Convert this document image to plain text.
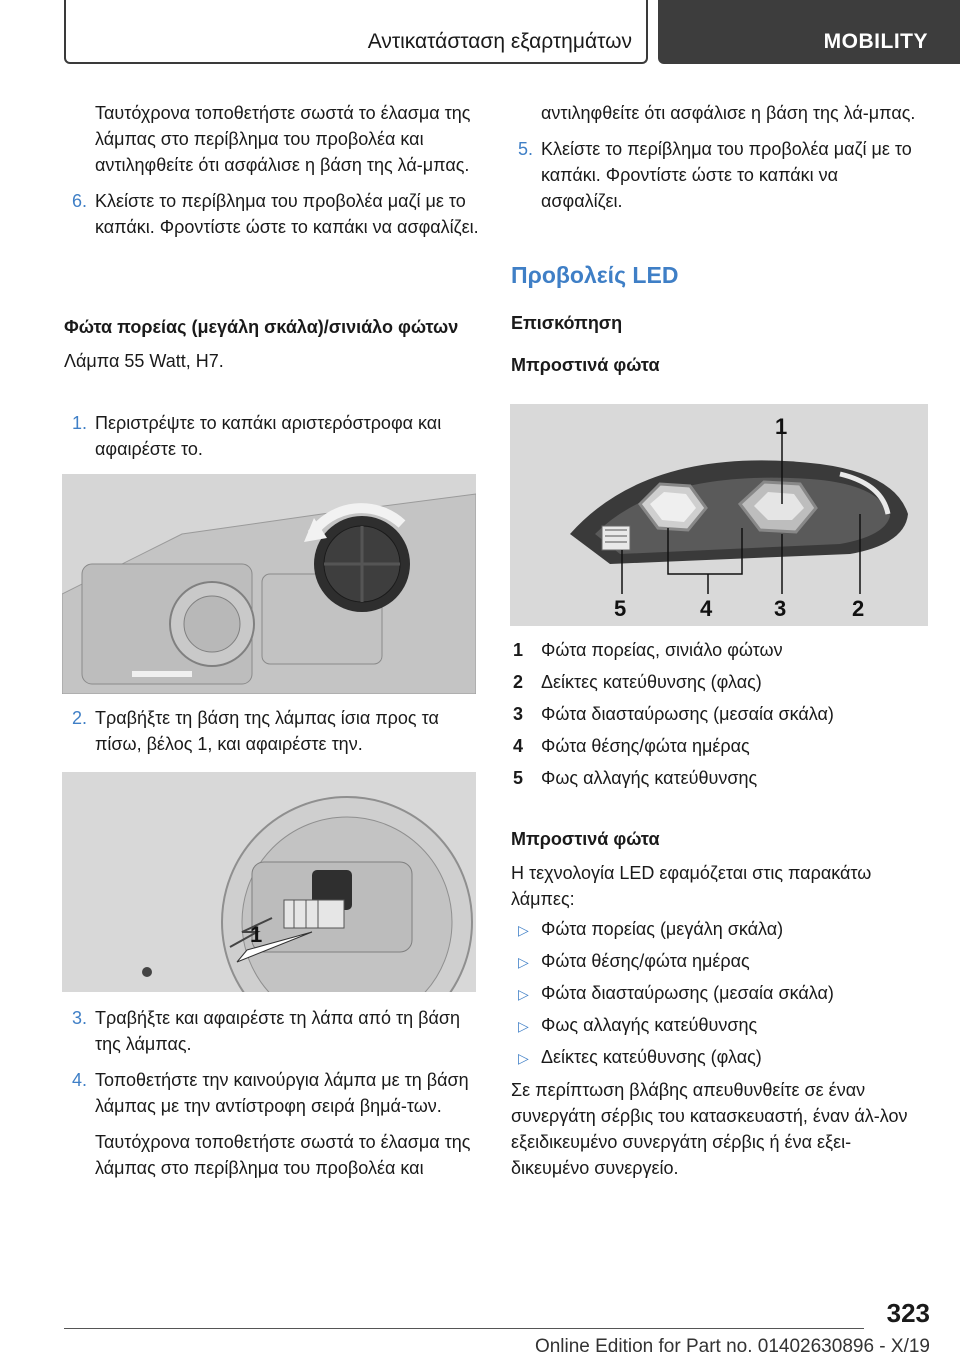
Αντικατάσταση εξαρτημάτων	MOBILITY

Ταυτόχρονα τοποθετήστε σωστά το έλασμα της λάμπας στο περίβλημα του προβολέα και αντιληφθείτε ότι ασφάλισε η βάση της λά‐μπας.

6. Κλείστε το περίβλημα του προβολέα μαζί με το καπάκι. Φροντίστε ώστε το καπάκι να ασφαλίζει.

Φώτα πορείας (μεγάλη σκάλα)/σινιάλο φώτων

Λάμπα 55 Watt, H7.

1. Περιστρέψτε το καπάκι αριστερόστροφα και αφαιρέστε το.

2. Τραβήξτε τη βάση της λάμπας ίσια προς τα πίσω, βέλος 1, και αφαιρέστε την.

1
3. Τραβήξτε και αφαιρέστε τη λάπα από τη βάση της λάμπας.

4. Τοποθετήστε την καινούργια λάμπα με τη βάση λάμπας με την αντίστροφη σειρά βημά‐των.

Ταυτόχρονα τοποθετήστε σωστά το έλασμα της λάμπας στο περίβλημα του προβολέα και

αντιληφθείτε ότι ασφάλισε η βάση της λά‐μπας.

5. Κλείστε το περίβλημα του προβολέα μαζί με το καπάκι. Φροντίστε ώστε το καπάκι να ασφαλίζει.

Προβολείς LED

Επισκόπηση

Μπροστινά φώτα

1
5	4	3	2
1 Φώτα πορείας, σινιάλο φώτων
2 Δείκτες κατεύθυνσης (φλας)
3 Φώτα διασταύρωσης (μεσαία σκάλα)
4 Φώτα θέσης/φώτα ημέρας
5 Φως αλλαγής κατεύθυνσης

Μπροστινά φώτα

Η τεχνολογία LED εφαμόζεται στις παρακάτω λάμπες:

▷ Φώτα πορείας (μεγάλη σκάλα)

▷ Φώτα θέσης/φώτα ημέρας

▷ Φώτα διασταύρωσης (μεσαία σκάλα)

▷ Φως αλλαγής κατεύθυνσης

▷ Δείκτες κατεύθυνσης (φλας)

Σε περίπτωση βλάβης απευθυνθείτε σε έναν συνεργάτη σέρβις του κατασκευαστή, έναν άλ‐λον εξειδικευμένο συνεργάτη σέρβις ή ένα εξει‐δικευμένο συνεργείο.

323
Online Edition for Part no. 01402630896 - X/19
